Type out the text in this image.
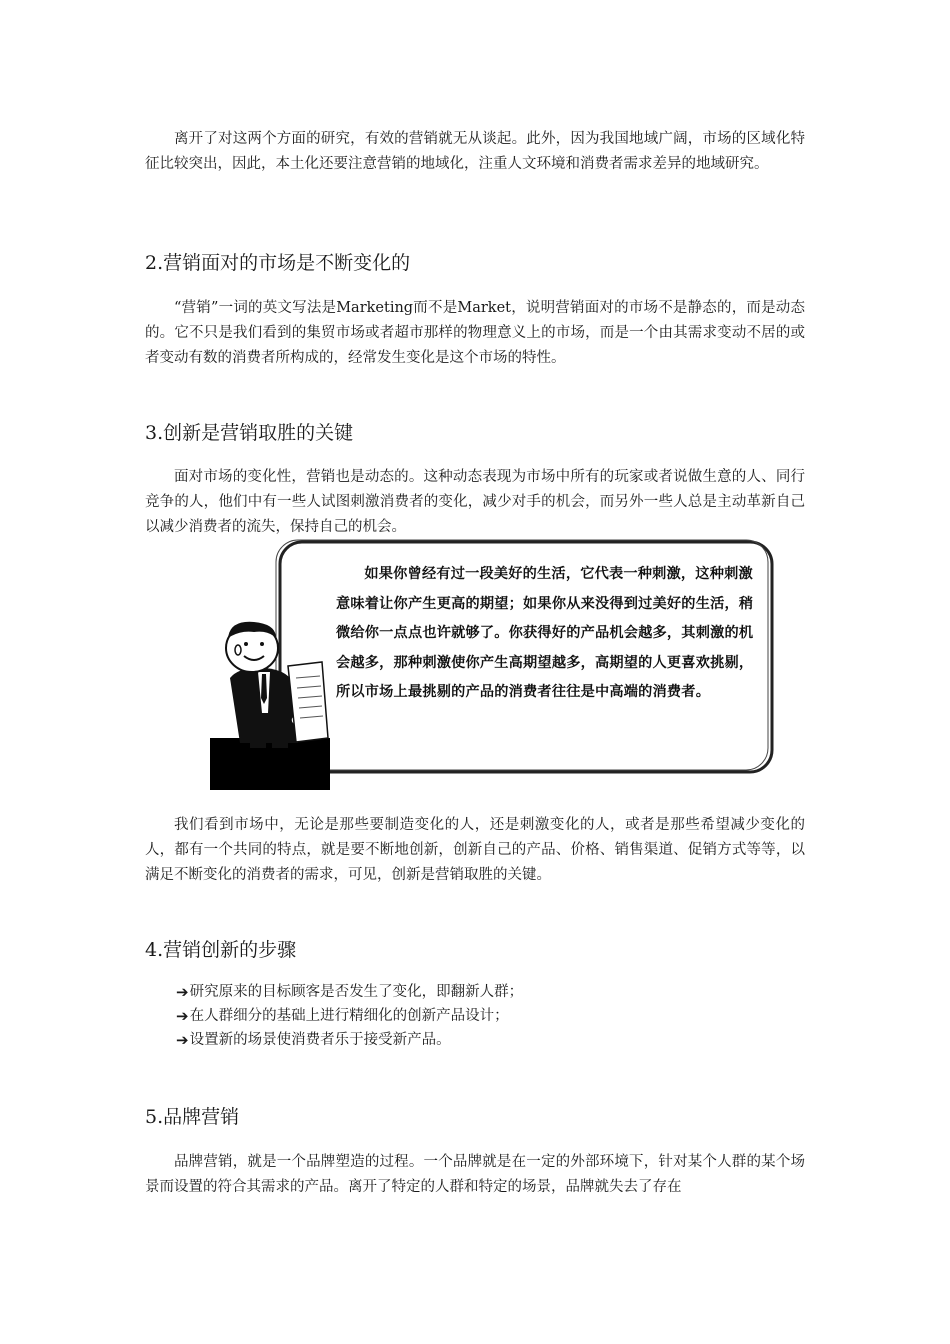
离开了对这两个方面的研究，有效的营销就无从谈起。此外，因为我国地域广阔，市场的区域化特征比较突出，因此，本土化还要注意营销的地域化，注重人文环境和消费者需求差异的地域研究。

2.营销面对的市场是不断变化的

“营销”一词的英文写法是Marketing而不是Market，说明营销面对的市场不是静态的，而是动态的。它不只是我们看到的集贸市场或者超市那样的物理意义上的市场，而是一个由其需求变动不居的或者变动有数的消费者所构成的，经常发生变化是这个市场的特性。

3.创新是营销取胜的关键

面对市场的变化性，营销也是动态的。这种动态表现为市场中所有的玩家或者说做生意的人、同行竞争的人，他们中有一些人试图刺激消费者的变化，减少对手的机会，而另外一些人总是主动革新自己以减少消费者的流失，保持自己的机会。

如果你曾经有过一段美好的生活，它代表一种刺激，这种刺激意味着让你产生更高的期望；如果你从来没得到过美好的生活，稍微给你一点点也许就够了。你获得好的产品机会越多，其刺激的机会越多，那种刺激使你产生高期望越多，高期望的人更喜欢挑剔，所以市场上最挑剔的产品的消费者往往是中高端的消费者。

我们看到市场中，无论是那些要制造变化的人，还是刺激变化的人，或者是那些希望减少变化的人，都有一个共同的特点，就是要不断地创新，创新自己的产品、价格、销售渠道、促销方式等等，以满足不断变化的消费者的需求，可见，创新是营销取胜的关键。

4.营销创新的步骤
➔ 研究原来的目标顾客是否发生了变化，即翻新人群；
➔ 在人群细分的基础上进行精细化的创新产品设计；
➔ 设置新的场景使消费者乐于接受新产品。
5.品牌营销

品牌营销，就是一个品牌塑造的过程。一个品牌就是在一定的外部环境下，针对某个人群的某个场景而设置的符合其需求的产品。离开了特定的人群和特定的场景，品牌就失去了存在
